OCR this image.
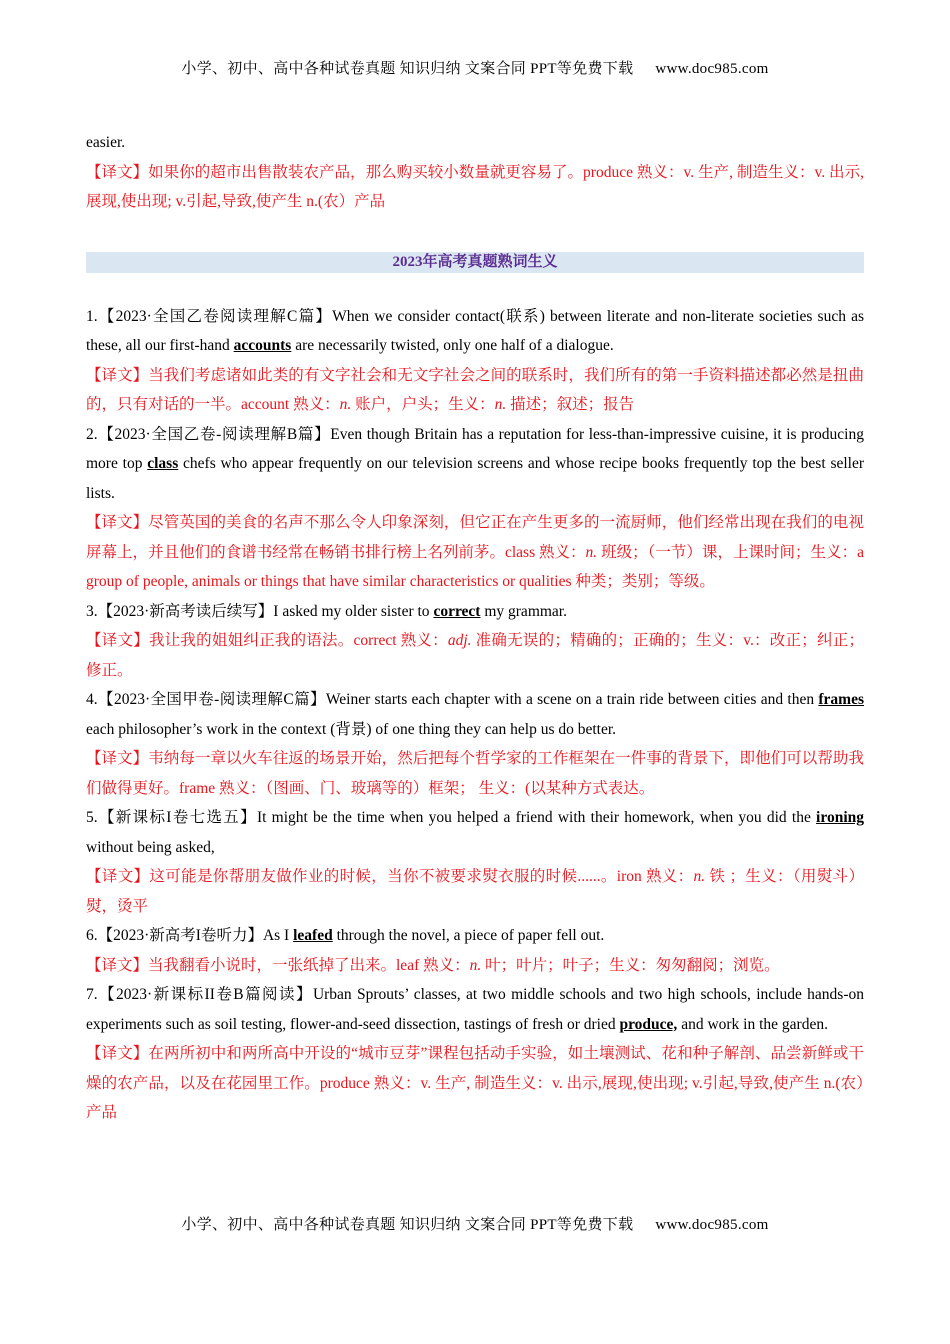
小学、初中、高中各种试卷真题 知识归纳 文案合同 PPT等免费下载 www.doc985.com

easier.

【译文】如果你的超市出售散装农产品，那么购买较小数量就更容易了。produce 熟义：v. 生产, 制造生义：v. 出示,展现,使出现; v.引起,导致,使产生 n.(农）产品

2023年高考真题熟词生义

1.【2023·全国乙卷阅读理解C篇】When we consider contact(联系) between literate and non-literate societies such as these, all our first-hand accounts are necessarily twisted, only one half of a dialogue.

【译文】当我们考虑诸如此类的有文字社会和无文字社会之间的联系时，我们所有的第一手资料描述都必然是扭曲的，只有对话的一半。account 熟义：n. 账户，户头；生义：n. 描述；叙述；报告

2.【2023·全国乙卷-阅读理解B篇】Even though Britain has a reputation for less-than-impressive cuisine, it is producing more top class chefs who appear frequently on our television screens and whose recipe books frequently top the best seller lists.

【译文】尽管英国的美食的名声不那么令人印象深刻，但它正在产生更多的一流厨师，他们经常出现在我们的电视屏幕上，并且他们的食谱书经常在畅销书排行榜上名列前茅。class 熟义：n. 班级；（一节）课，上课时间；生义：a group of people, animals or things that have similar characteristics or qualities 种类；类别；等级。

3.【2023·新高考读后续写】I asked my older sister to correct my grammar.

【译文】我让我的姐姐纠正我的语法。correct 熟义：adj. 准确无误的；精确的；正确的；生义：v.：改正；纠正；修正。

4.【2023·全国甲卷-阅读理解C篇】Weiner starts each chapter with a scene on a train ride between cities and then frames each philosopher’s work in the context (背景) of one thing they can help us do better.

【译文】韦纳每一章以火车往返的场景开始，然后把每个哲学家的工作框架在一件事的背景下，即他们可以帮助我们做得更好。frame 熟义：（图画、门、玻璃等的）框架； 生义：(以某种方式表达。

5.【新课标I卷七选五】It might be the time when you helped a friend with their homework, when you did the ironing without being asked,

【译文】这可能是你帮朋友做作业的时候，当你不被要求熨衣服的时候......。iron 熟义：n. 铁 ；生义：（用熨斗）熨，烫平

6.【2023·新高考I卷听力】As I leafed through the novel, a piece of paper fell out.

【译文】当我翻看小说时，一张纸掉了出来。leaf 熟义：n. 叶；叶片；叶子；生义：匆匆翻阅；浏览。

7.【2023·新课标II卷B篇阅读】Urban Sprouts’ classes, at two middle schools and two high schools, include hands-on experiments such as soil testing, flower-and-seed dissection, tastings of fresh or dried produce, and work in the garden.

【译文】在两所初中和两所高中开设的“城市豆芽”课程包括动手实验，如土壤测试、花和种子解剖、品尝新鲜或干燥的农产品，以及在花园里工作。produce 熟义：v. 生产, 制造生义：v. 出示,展现,使出现; v.引起,导致,使产生 n.(农）产品

小学、初中、高中各种试卷真题 知识归纳 文案合同 PPT等免费下载 www.doc985.com
